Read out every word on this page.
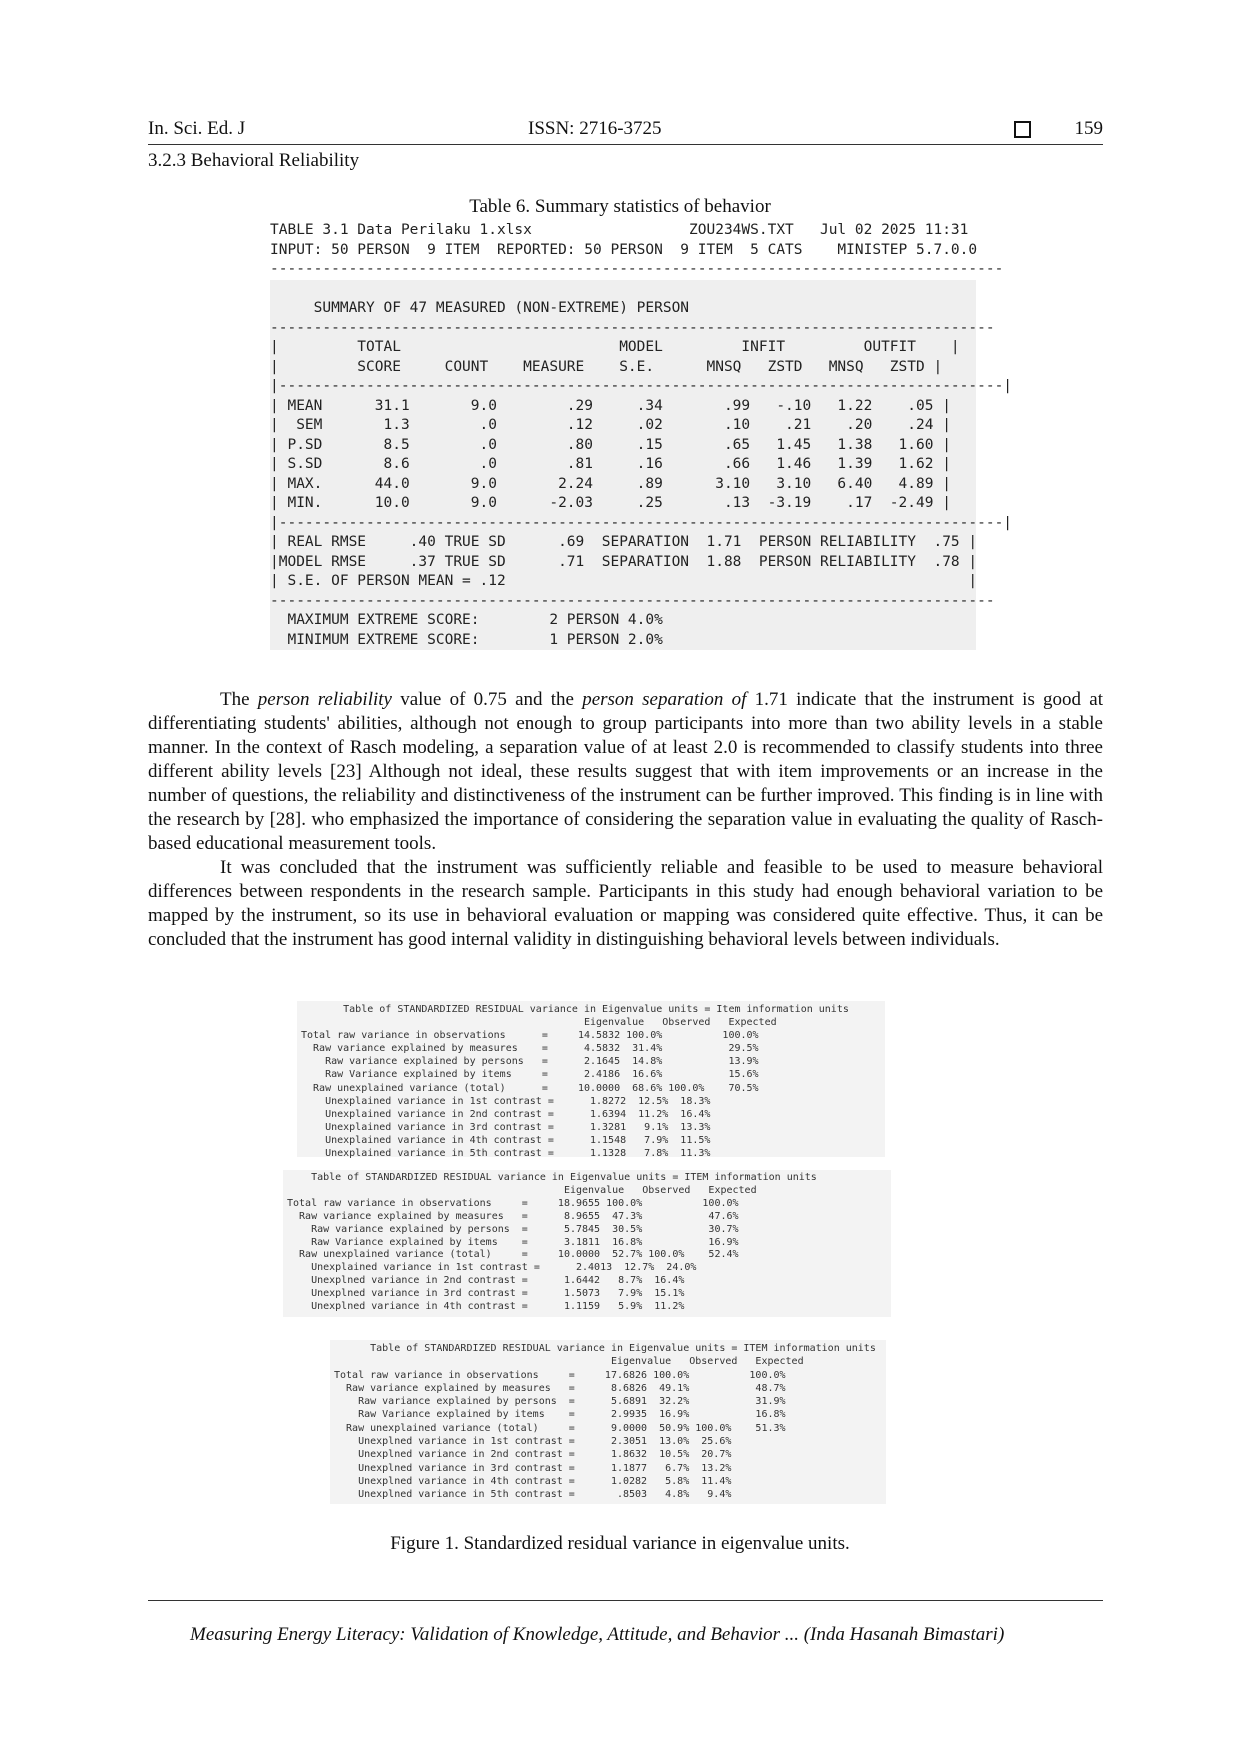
In. Sci. Ed. J	ISSN: 2716-3725	159
3.2.3 Behavioral Reliability
Table 6. Summary statistics of behavior
TABLE 3.1 Data Perilaku 1.xlsx                  ZOU234WS.TXT   Jul 02 2025 11:31
INPUT: 50 PERSON  9 ITEM  REPORTED: 50 PERSON  9 ITEM  5 CATS    MINISTEP 5.7.0.0
------------------------------------------------------------------------------------

SUMMARY OF 47 MEASURED (NON-EXTREME) PERSON
-----------------------------------------------------------------------------------
|         TOTAL                         MODEL         INFIT         OUTFIT    |
|         SCORE     COUNT    MEASURE    S.E.      MNSQ   ZSTD   MNSQ   ZSTD |
|-----------------------------------------------------------------------------------|
| MEAN      31.1       9.0        .29     .34       .99   -.10   1.22    .05 |
|  SEM       1.3        .0        .12     .02       .10    .21    .20    .24 |
| P.SD       8.5        .0        .80     .15       .65   1.45   1.38   1.60 |
| S.SD       8.6        .0        .81     .16       .66   1.46   1.39   1.62 |
| MAX.      44.0       9.0       2.24     .89      3.10   3.10   6.40   4.89 |
| MIN.      10.0       9.0      -2.03     .25       .13  -3.19    .17  -2.49 |
|-----------------------------------------------------------------------------------|
| REAL RMSE     .40 TRUE SD      .69  SEPARATION  1.71  PERSON RELIABILITY  .75 |
|MODEL RMSE     .37 TRUE SD      .71  SEPARATION  1.88  PERSON RELIABILITY  .78 |
| S.E. OF PERSON MEAN = .12                                                     |
-----------------------------------------------------------------------------------
MAXIMUM EXTREME SCORE:        2 PERSON 4.0%
MINIMUM EXTREME SCORE:        1 PERSON 2.0%

The person reliability value of 0.75 and the person separation of 1.71 indicate that the instrument is good at differentiating students' abilities, although not enough to group participants into more than two ability levels in a stable manner. In the context of Rasch modeling, a separation value of at least 2.0 is recommended to classify students into three different ability levels [23] Although not ideal, these results suggest that with item improvements or an increase in the number of questions, the reliability and distinctiveness of the instrument can be further improved. This finding is in line with the research by [28]. who emphasized the importance of considering the separation value in evaluating the quality of Rasch-based educational measurement tools.

It was concluded that the instrument was sufficiently reliable and feasible to be used to measure behavioral differences between respondents in the research sample. Participants in this study had enough behavioral variation to be mapped by the instrument, so its use in behavioral evaluation or mapping was considered quite effective. Thus, it can be concluded that the instrument has good internal validity in distinguishing behavioral levels between individuals.

Table of STANDARDIZED RESIDUAL variance in Eigenvalue units = Item information units
Eigenvalue   Observed   Expected
Total raw variance in observations      =     14.5832 100.0%          100.0%
Raw variance explained by measures    =      4.5832  31.4%           29.5%
Raw variance explained by persons   =      2.1645  14.8%           13.9%
Raw Variance explained by items     =      2.4186  16.6%           15.6%
Raw unexplained variance (total)      =     10.0000  68.6% 100.0%    70.5%
Unexplained variance in 1st contrast =      1.8272  12.5%  18.3%
Unexplained variance in 2nd contrast =      1.6394  11.2%  16.4%
Unexplained variance in 3rd contrast =      1.3281   9.1%  13.3%
Unexplained variance in 4th contrast =      1.1548   7.9%  11.5%
Unexplained variance in 5th contrast =      1.1328   7.8%  11.3%
Table of STANDARDIZED RESIDUAL variance in Eigenvalue units = ITEM information units
Eigenvalue   Observed   Expected
Total raw variance in observations     =     18.9655 100.0%          100.0%
Raw variance explained by measures   =      8.9655  47.3%           47.6%
Raw variance explained by persons  =      5.7845  30.5%           30.7%
Raw Variance explained by items    =      3.1811  16.8%           16.9%
Raw unexplained variance (total)     =     10.0000  52.7% 100.0%    52.4%
Unexplained variance in 1st contrast =      2.4013  12.7%  24.0%
Unexplned variance in 2nd contrast =      1.6442   8.7%  16.4%
Unexplned variance in 3rd contrast =      1.5073   7.9%  15.1%
Unexplned variance in 4th contrast =      1.1159   5.9%  11.2%
Table of STANDARDIZED RESIDUAL variance in Eigenvalue units = ITEM information units
Eigenvalue   Observed   Expected
Total raw variance in observations     =     17.6826 100.0%          100.0%
Raw variance explained by measures   =      8.6826  49.1%           48.7%
Raw variance explained by persons  =      5.6891  32.2%           31.9%
Raw Variance explained by items    =      2.9935  16.9%           16.8%
Raw unexplained variance (total)     =      9.0000  50.9% 100.0%    51.3%
Unexplned variance in 1st contrast =      2.3051  13.0%  25.6%
Unexplned variance in 2nd contrast =      1.8632  10.5%  20.7%
Unexplned variance in 3rd contrast =      1.1877   6.7%  13.2%
Unexplned variance in 4th contrast =      1.0282   5.8%  11.4%
Unexplned variance in 5th contrast =       .8503   4.8%   9.4%
Figure 1. Standardized residual variance in eigenvalue units.
Measuring Energy Literacy: Validation of Knowledge, Attitude, and Behavior ... (Inda Hasanah Bimastari)
